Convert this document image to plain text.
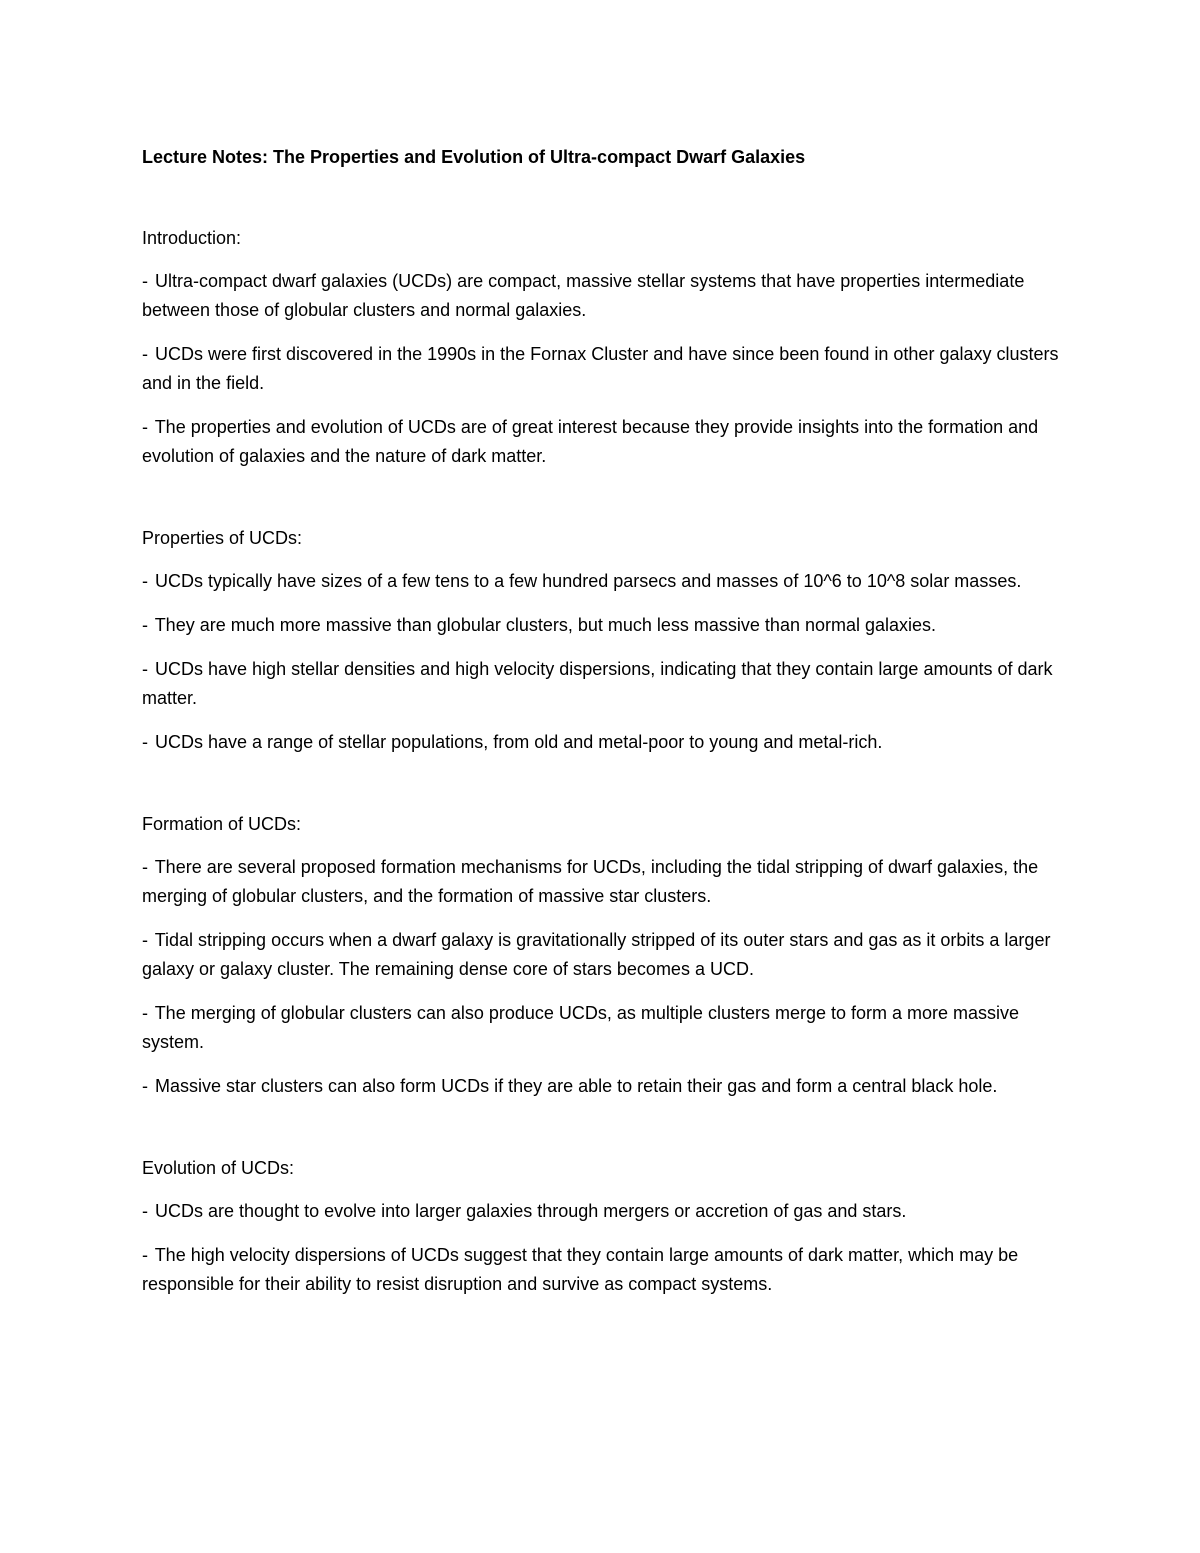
Lecture Notes: The Properties and Evolution of Ultra-compact Dwarf Galaxies
Introduction:
- Ultra-compact dwarf galaxies (UCDs) are compact, massive stellar systems that have properties intermediate between those of globular clusters and normal galaxies.
- UCDs were first discovered in the 1990s in the Fornax Cluster and have since been found in other galaxy clusters and in the field.
- The properties and evolution of UCDs are of great interest because they provide insights into the formation and evolution of galaxies and the nature of dark matter.
Properties of UCDs:
- UCDs typically have sizes of a few tens to a few hundred parsecs and masses of 10^6 to 10^8 solar masses.
- They are much more massive than globular clusters, but much less massive than normal galaxies.
- UCDs have high stellar densities and high velocity dispersions, indicating that they contain large amounts of dark matter.
- UCDs have a range of stellar populations, from old and metal-poor to young and metal-rich.
Formation of UCDs:
- There are several proposed formation mechanisms for UCDs, including the tidal stripping of dwarf galaxies, the merging of globular clusters, and the formation of massive star clusters.
- Tidal stripping occurs when a dwarf galaxy is gravitationally stripped of its outer stars and gas as it orbits a larger galaxy or galaxy cluster. The remaining dense core of stars becomes a UCD.
- The merging of globular clusters can also produce UCDs, as multiple clusters merge to form a more massive system.
- Massive star clusters can also form UCDs if they are able to retain their gas and form a central black hole.
Evolution of UCDs:
- UCDs are thought to evolve into larger galaxies through mergers or accretion of gas and stars.
- The high velocity dispersions of UCDs suggest that they contain large amounts of dark matter, which may be responsible for their ability to resist disruption and survive as compact systems.
